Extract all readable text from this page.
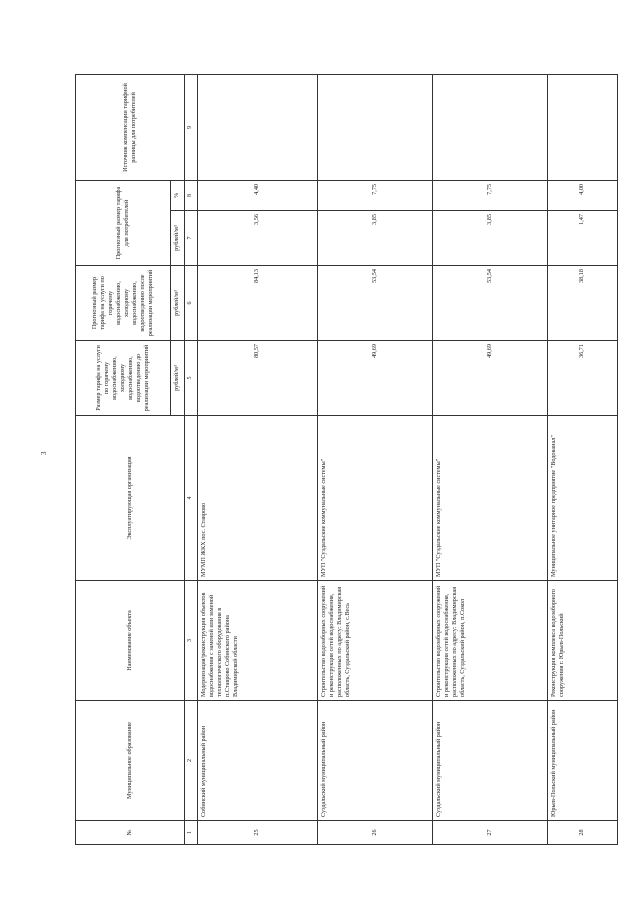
3
№	Муниципальное образование	Наименование объекта	Эксплуатирующая организация	Размер тарифа на услуги по горячему водоснабжению, холодному водоснабжению, водоотведению до реализации мероприятий	Прогнозный размер тарифа на услуги по горячему водоснабжению, холодному водоснабжению, водоотведению после реализации мероприятий	Прогнозный размер тарифа для потребителей		Источник компенсации тарифной разницы для потребителей
				рублей/м³	рублей/м³	рублей/м³	%	
1	2	3	4	5	6	7	8	9
25	Собинский муниципальный район	Модернизация/реконструкция объектов водоснабжения с заменой или заменой технологического оборудования в п.Ставрово Собинского района Владимирской области	МУМП ЖКХ пос. Ставрово	80,57	84,13	3,56	4,40	
26	Суздальский муниципальный район	Строительство водозаборных сооружений и реконструкция сетей водоснабжения, расположенных по адресу: Владимирская область, Суздальский район, с.Весь	МУП "Суздальские коммунальные системы"	49,69	53,54	3,85	7,75	
27	Суздальский муниципальный район	Строительство водозаборных сооружений и реконструкция сетей водоснабжения, расположенных по адресу: Владимирская область, Суздальский район, п.Сокол	МУП "Суздальские коммунальные системы"	49,69	53,54	3,85	7,75	
28	Юрьев-Польский муниципальный район	Реконструкция комплекса водозаборного сооружения г. Юрьев-Польский	Муниципальное унитарное предприятие "Водоканал"	36,71	38,18	1,47	4,00	
